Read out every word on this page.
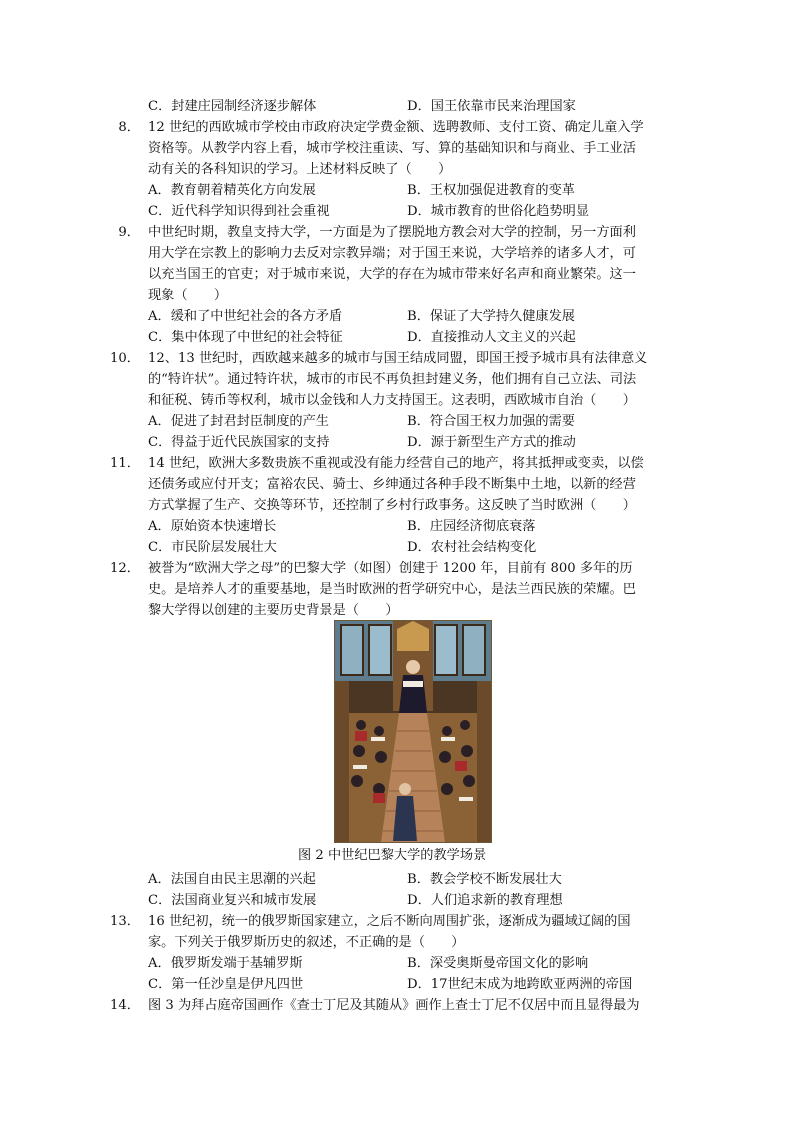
C．封建庄园制经济逐步解体	D．国王依靠市民来治理国家
8． 12 世纪的西欧城市学校由市政府决定学费金额、选聘教师、支付工资、确定儿童入学
资格等。从教学内容上看，城市学校注重读、写、算的基础知识和与商业、手工业活
动有关的各科知识的学习。上述材料反映了（　　）
A．教育朝着精英化方向发展	B．王权加强促进教育的变革
C．近代科学知识得到社会重视	D．城市教育的世俗化趋势明显
9． 中世纪时期，教皇支持大学，一方面是为了摆脱地方教会对大学的控制，另一方面利
用大学在宗教上的影响力去反对宗教异端；对于国王来说，大学培养的诸多人才，可
以充当国王的官吏；对于城市来说，大学的存在为城市带来好名声和商业繁荣。这一
现象（　　）
A．缓和了中世纪社会的各方矛盾	B．保证了大学持久健康发展
C．集中体现了中世纪的社会特征	D．直接推动人文主义的兴起
10． 12、13 世纪时，西欧越来越多的城市与国王结成同盟，即国王授予城市具有法律意义
的“特许状”。通过特许状，城市的市民不再负担封建义务，他们拥有自己立法、司法
和征税、铸币等权利，城市以金钱和人力支持国王。这表明，西欧城市自治（　　）
A．促进了封君封臣制度的产生	B．符合国王权力加强的需要
C．得益于近代民族国家的支持	D．源于新型生产方式的推动
11． 14 世纪，欧洲大多数贵族不重视或没有能力经营自己的地产，将其抵押或变卖，以偿
还债务或应付开支；富裕农民、骑士、乡绅通过各种手段不断集中土地，以新的经营
方式掌握了生产、交换等环节，还控制了乡村行政事务。这反映了当时欧洲（　　）
A．原始资本快速增长	B．庄园经济彻底衰落
C．市民阶层发展壮大	D．农村社会结构变化
12． 被誉为“欧洲大学之母”的巴黎大学（如图）创建于 1200 年，目前有 800 多年的历
史。是培养人才的重要基地，是当时欧洲的哲学研究中心，是法兰西民族的荣耀。巴
黎大学得以创建的主要历史背景是（　　）
图 2 中世纪巴黎大学的教学场景
A．法国自由民主思潮的兴起	B．教会学校不断发展壮大
C．法国商业复兴和城市发展	D．人们追求新的教育理想
13． 16 世纪初，统一的俄罗斯国家建立，之后不断向周围扩张，逐渐成为疆域辽阔的国
家。下列关于俄罗斯历史的叙述，不正确的是（　　）
A．俄罗斯发端于基辅罗斯	B．深受奥斯曼帝国文化的影响
C．第一任沙皇是伊凡四世	D．17世纪末成为地跨欧亚两洲的帝国
14． 图 3 为拜占庭帝国画作《查士丁尼及其随从》画作上查士丁尼不仅居中而且显得最为
